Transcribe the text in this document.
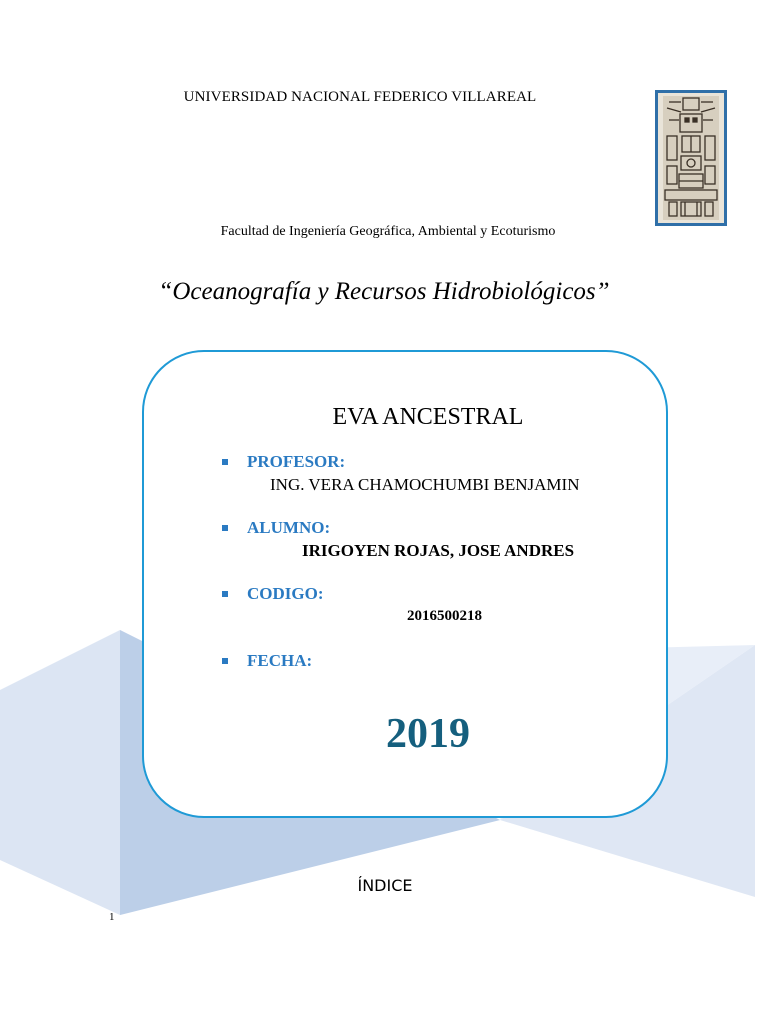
UNIVERSIDAD NACIONAL FEDERICO VILLAREAL
Facultad de Ingeniería Geográfica, Ambiental y Ecoturismo
“Oceanografía y Recursos Hidrobiológicos”
EVA ANCESTRAL
PROFESOR:
ING. VERA CHAMOCHUMBI BENJAMIN
ALUMNO:
IRIGOYEN ROJAS, JOSE ANDRES
CODIGO:
2016500218
FECHA:
2019
ÍNDICE
1
